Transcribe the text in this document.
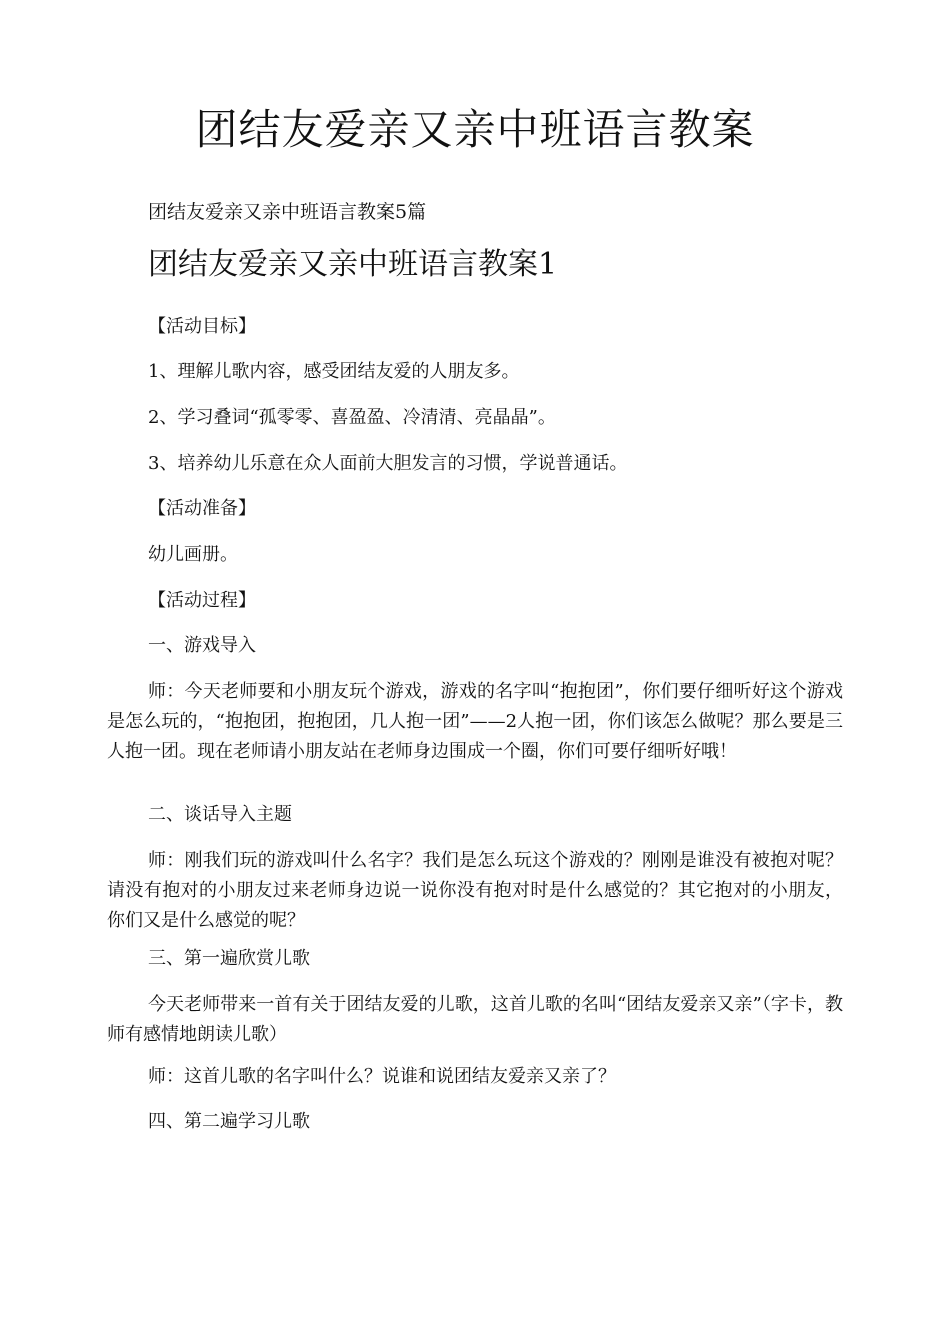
团结友爱亲又亲中班语言教案

团结友爱亲又亲中班语言教案5篇

团结友爱亲又亲中班语言教案1

【活动目标】

1、理解儿歌内容，感受团结友爱的人朋友多。

2、学习叠词“孤零零、喜盈盈、冷清清、亮晶晶”。

3、培养幼儿乐意在众人面前大胆发言的习惯，学说普通话。

【活动准备】

幼儿画册。

【活动过程】

一、游戏导入

师：今天老师要和小朋友玩个游戏，游戏的名字叫“抱抱团”，你们要仔细听好这个游戏是怎么玩的，“抱抱团，抱抱团，几人抱一团”——2人抱一团，你们该怎么做呢？那么要是三人抱一团。现在老师请小朋友站在老师身边围成一个圈，你们可要仔细听好哦！

二、谈话导入主题

师：刚我们玩的游戏叫什么名字？我们是怎么玩这个游戏的？刚刚是谁没有被抱对呢？请没有抱对的小朋友过来老师身边说一说你没有抱对时是什么感觉的？其它抱对的小朋友，你们又是什么感觉的呢？

三、第一遍欣赏儿歌

今天老师带来一首有关于团结友爱的儿歌，这首儿歌的名叫“团结友爱亲又亲”（字卡，教师有感情地朗读儿歌）

师：这首儿歌的名字叫什么？说谁和说团结友爱亲又亲了？

四、第二遍学习儿歌
